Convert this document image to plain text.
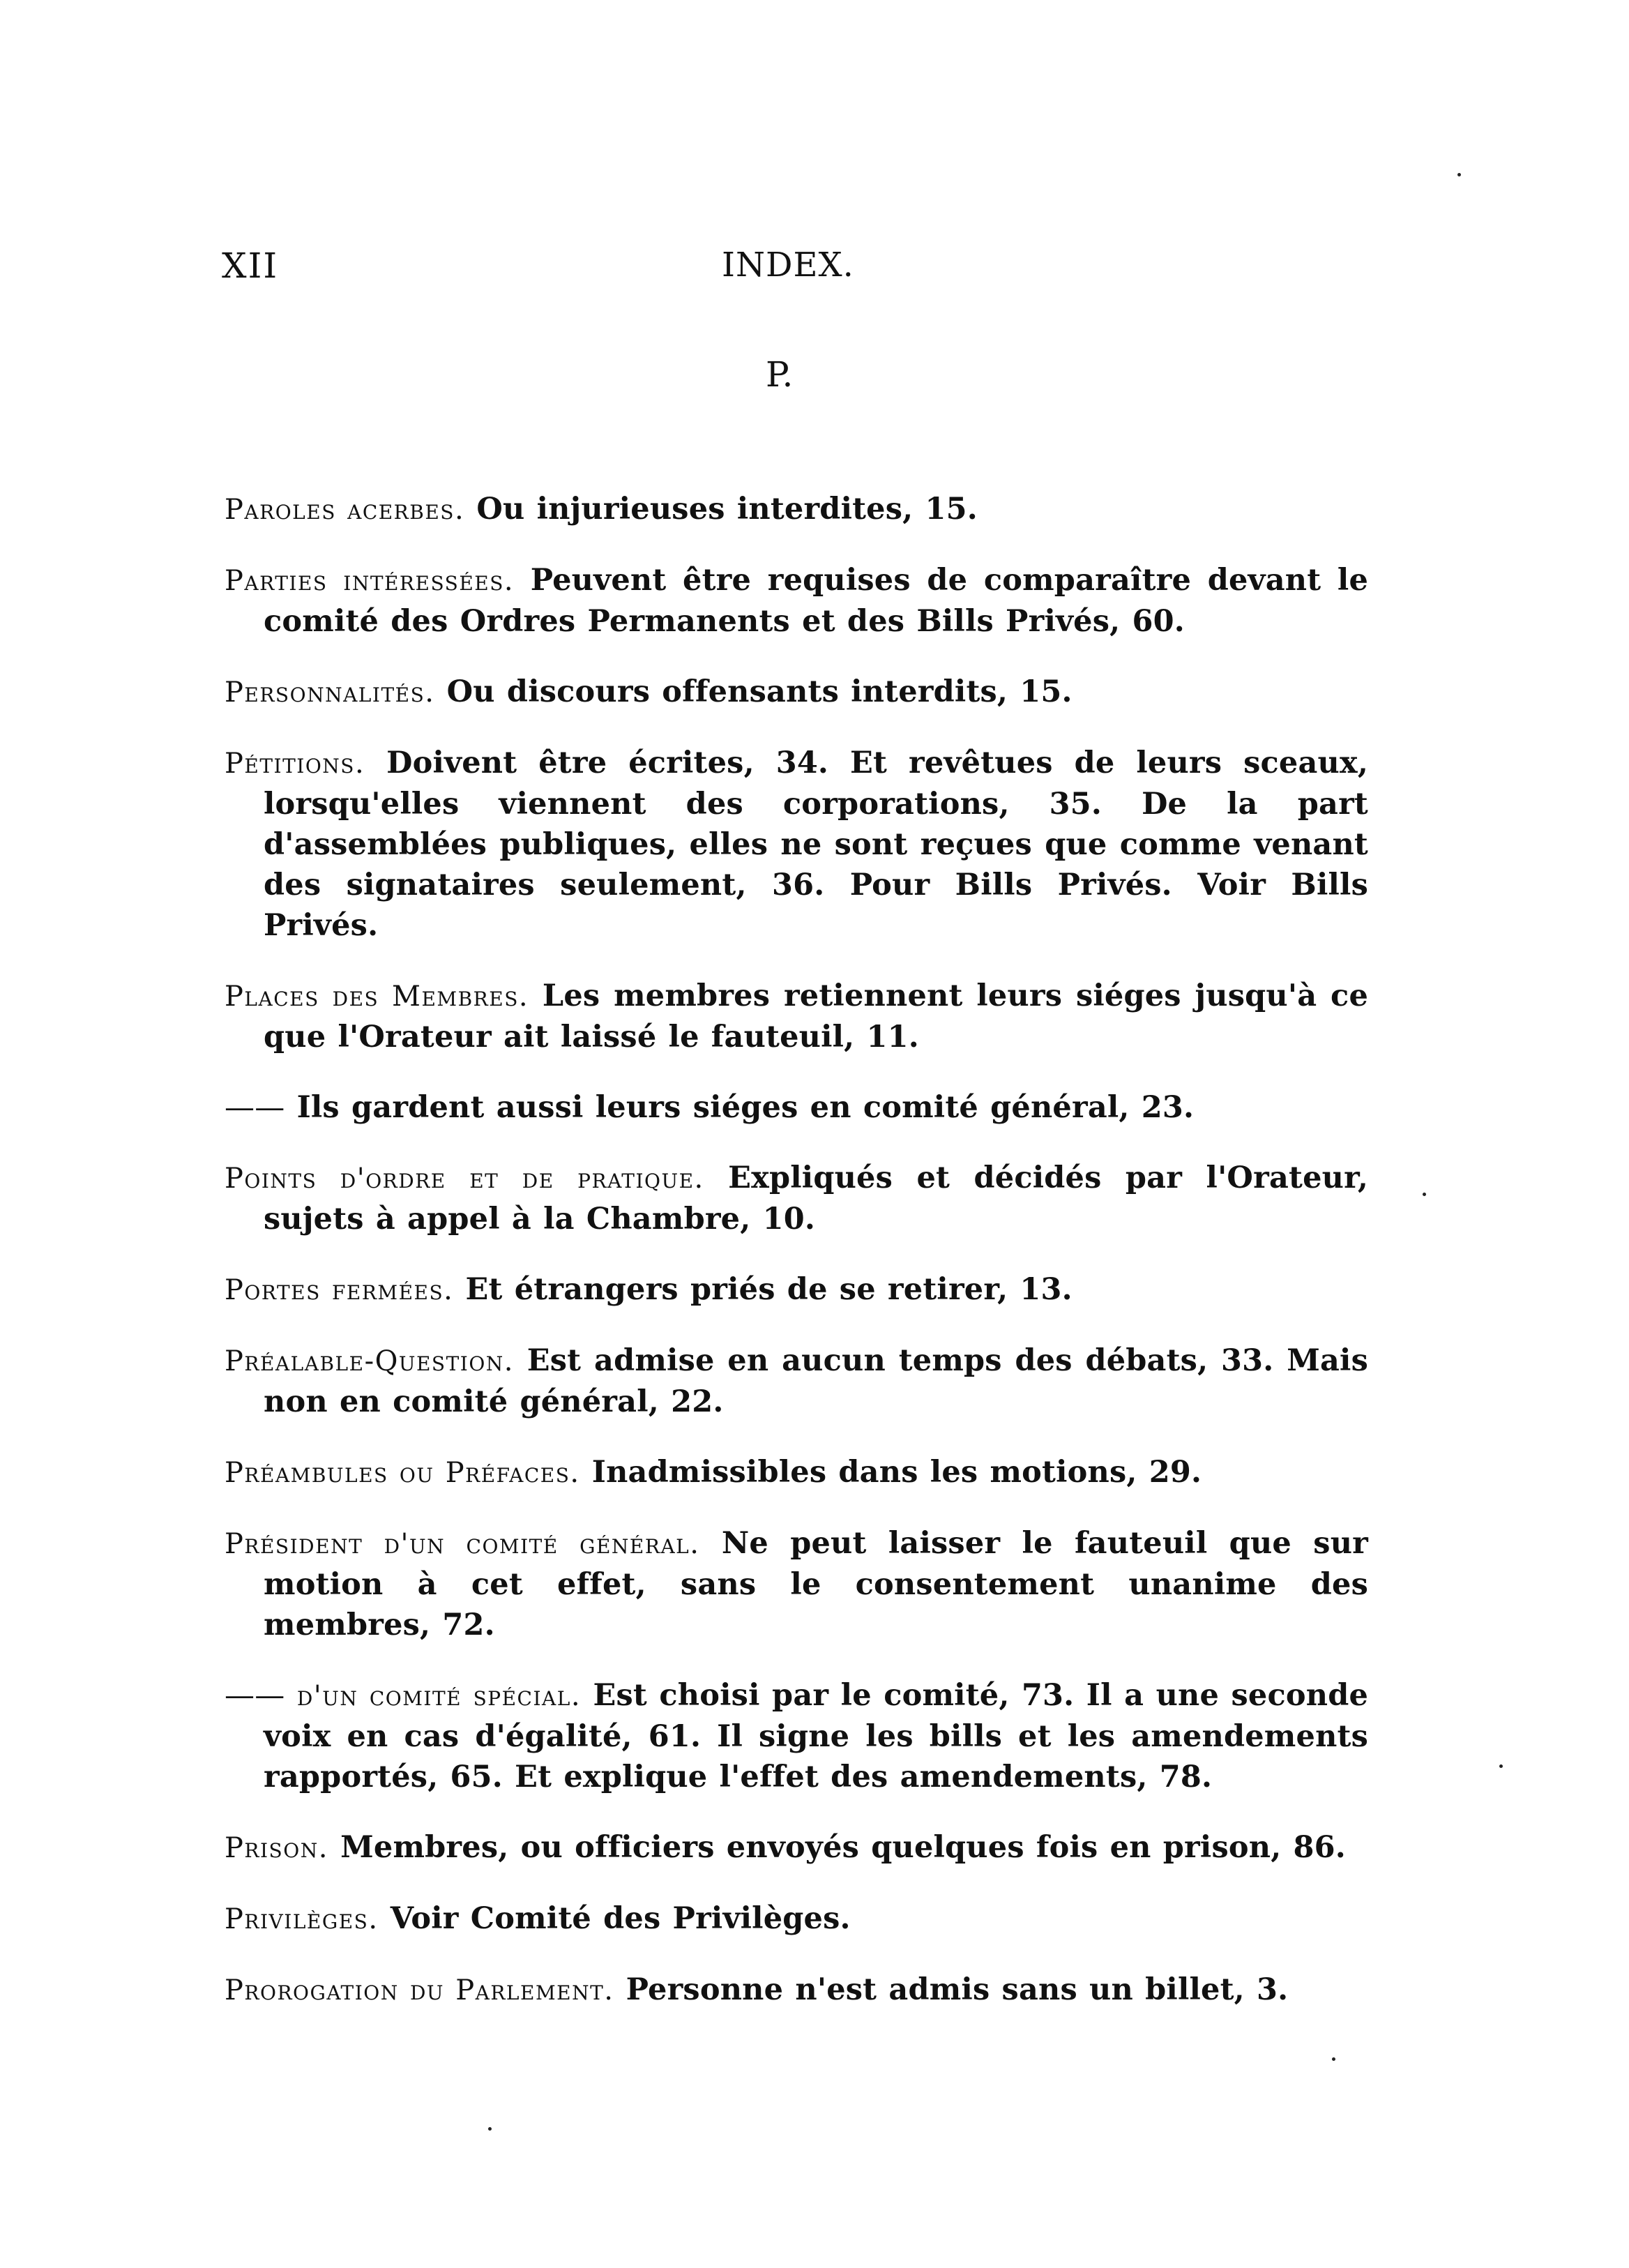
XII	INDEX.
P.

Paroles acerbes. Ou injurieuses interdites, 15.

Parties intéressées. Peuvent être requises de comparaître devant le comité des Ordres Permanents et des Bills Privés, 60.

Personnalités. Ou discours offensants interdits, 15.

Pétitions. Doivent être écrites, 34. Et revêtues de leurs sceaux, lorsqu'elles viennent des corporations, 35. De la part d'assemblées publiques, elles ne sont reçues que comme venant des signataires seulement, 36. Pour Bills Privés. Voir Bills Privés.

Places des Membres. Les membres retiennent leurs siéges jusqu'à ce que l'Orateur ait laissé le fauteuil, 11.

—— Ils gardent aussi leurs siéges en comité général, 23.

Points d'ordre et de pratique. Expliqués et décidés par l'Orateur, sujets à appel à la Chambre, 10.

Portes fermées. Et étrangers priés de se retirer, 13.

Préalable-Question. Est admise en aucun temps des débats, 33. Mais non en comité général, 22.

Préambules ou Préfaces. Inadmissibles dans les motions, 29.

Président d'un comité général. Ne peut laisser le fauteuil que sur motion à cet effet, sans le consentement unanime des membres, 72.

—— d'un comité spécial. Est choisi par le comité, 73. Il a une seconde voix en cas d'égalité, 61. Il signe les bills et les amendements rapportés, 65. Et explique l'effet des amendements, 78.

Prison. Membres, ou officiers envoyés quelques fois en prison, 86.

Privilèges. Voir Comité des Privilèges.

Prorogation du Parlement. Personne n'est admis sans un billet, 3.
